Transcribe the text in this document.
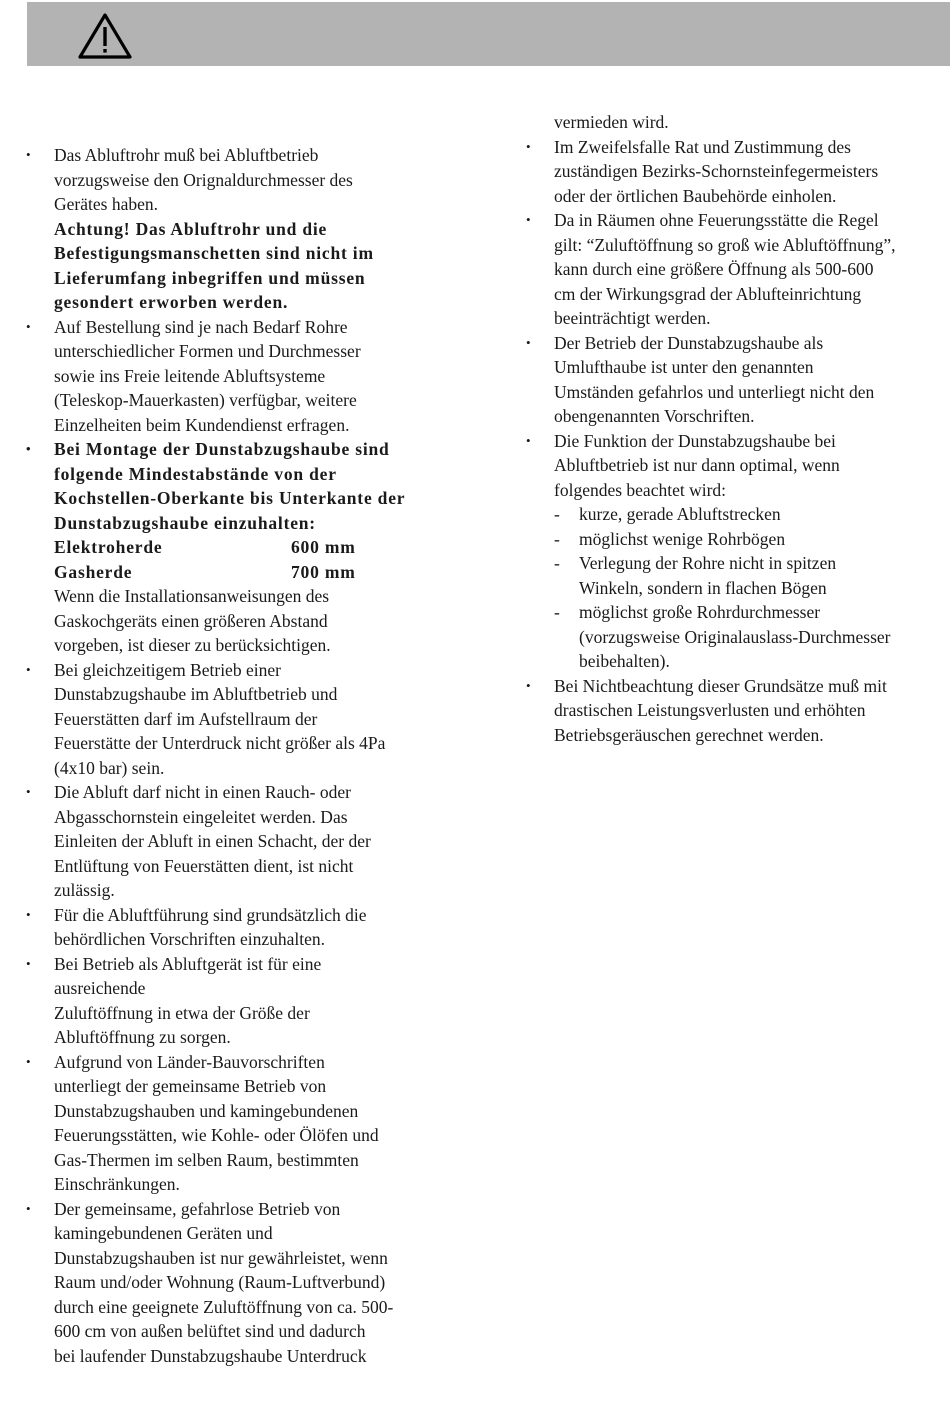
•	Das Abluftrohr muß bei Abluftbetrieb
vorzugsweise den Orignaldurchmesser des
Gerätes haben.
Achtung! Das Abluftrohr und die
Befestigungsmanschetten sind nicht im
Lieferumfang inbegriffen und müssen
gesondert erworben werden.
•	Auf Bestellung sind je nach Bedarf Rohre
unterschiedlicher Formen und Durchmesser
sowie ins Freie leitende Abluftsysteme
(Teleskop-Mauerkasten) verfügbar, weitere
Einzelheiten beim Kundendienst erfragen.
•	Bei Montage der Dunstabzugshaube sind
folgende Mindestabstände von der
Kochstellen-Oberkante bis Unterkante der
Dunstabzugshaube einzuhalten:
Elektroherde	600 mm
Gasherde	700 mm
Wenn die Installationsanweisungen des
Gaskochgeräts einen größeren Abstand
vorgeben, ist dieser zu berücksichtigen.
•	Bei gleichzeitigem Betrieb einer
Dunstabzugshaube im Abluftbetrieb und
Feuerstätten darf im Aufstellraum der
Feuerstätte der Unterdruck nicht größer als 4Pa
(4x10 bar) sein.
•	Die Abluft darf nicht in einen Rauch- oder
Abgasschornstein eingeleitet werden. Das
Einleiten der Abluft in einen Schacht, der der
Entlüftung von Feuerstätten dient, ist nicht
zulässig.
•	Für die Abluftführung sind grundsätzlich die
behördlichen Vorschriften einzuhalten.
•	Bei Betrieb als Abluftgerät ist für eine
ausreichende
Zuluftöffnung in etwa der Größe der
Abluftöffnung zu sorgen.
•	Aufgrund von Länder-Bauvorschriften
unterliegt der gemeinsame Betrieb von
Dunstabzugshauben und kamingebundenen
Feuerungsstätten, wie Kohle- oder Ölöfen und
Gas-Thermen im selben Raum, bestimmten
Einschränkungen.
•	Der gemeinsame, gefahrlose Betrieb von
kamingebundenen Geräten und
Dunstabzugshauben ist nur gewährleistet, wenn
Raum und/oder Wohnung (Raum-Luftverbund)
durch eine geeignete Zuluftöffnung von ca. 500-
600 cm von außen belüftet sind und dadurch
bei laufender Dunstabzugshaube Unterdruck
vermieden wird.
•	Im Zweifelsfalle Rat und Zustimmung des
zuständigen Bezirks-Schornsteinfegermeisters
oder der örtlichen Baubehörde einholen.
•	Da in Räumen ohne Feuerungsstätte die Regel
gilt: “Zuluftöffnung so groß wie Abluftöffnung”,
kann durch eine größere Öffnung als 500-600
cm der Wirkungsgrad der Ablufteinrichtung
beeinträchtigt werden.
•	Der Betrieb der Dunstabzugshaube als
Umlufthaube ist unter den genannten
Umständen gefahrlos und unterliegt nicht den
obengenannten Vorschriften.
•	Die Funktion der Dunstabzugshaube bei
Abluftbetrieb ist nur dann optimal, wenn
folgendes beachtet wird:
- kurze, gerade Abluftstrecken
- möglichst wenige Rohrbögen
- Verlegung der Rohre nicht in spitzen
Winkeln, sondern in flachen Bögen
- möglichst große Rohrdurchmesser
(vorzugsweise Originalauslass-Durchmesser
beibehalten).
•	Bei Nichtbeachtung dieser Grundsätze muß mit
drastischen Leistungsverlusten und erhöhten
Betriebsgeräuschen gerechnet werden.
